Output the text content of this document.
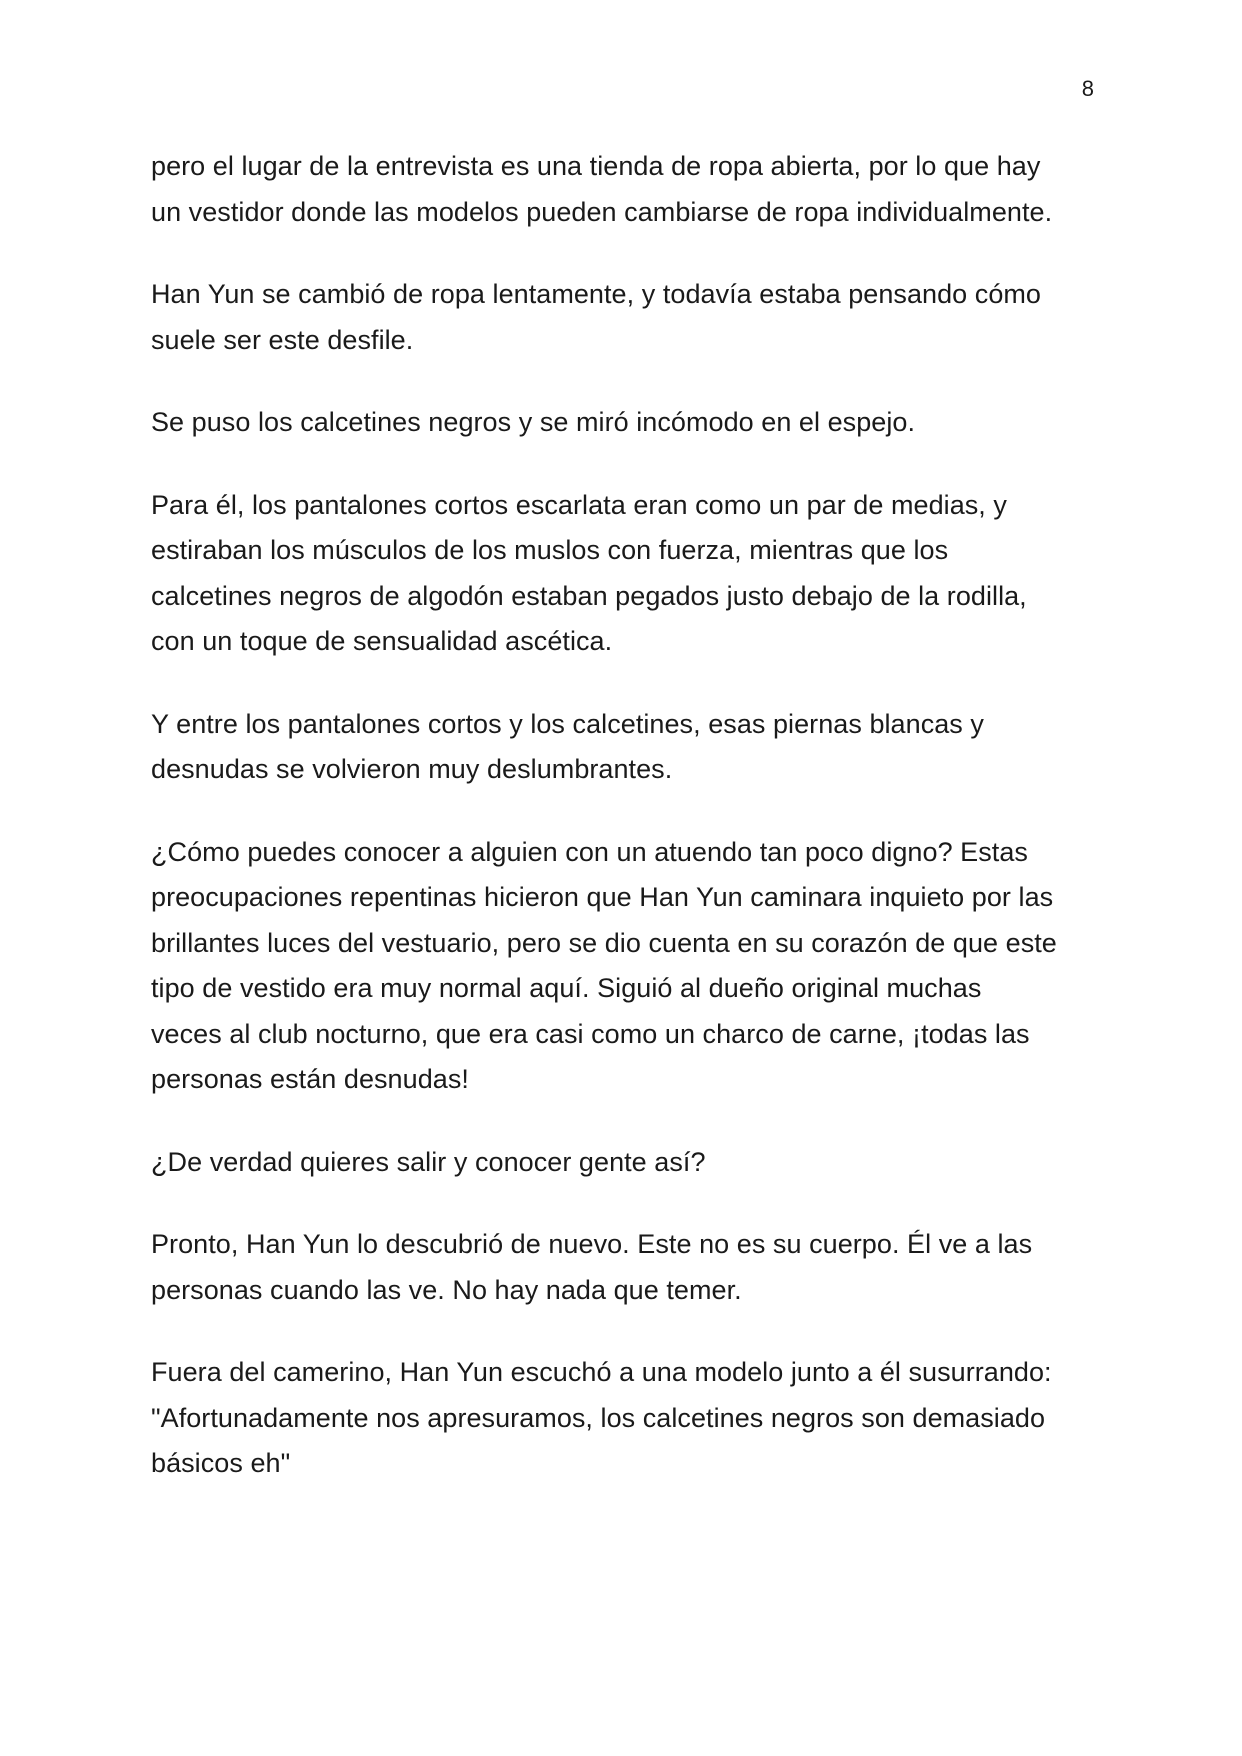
8

pero el lugar de la entrevista es una tienda de ropa abierta, por lo que hay
un vestidor donde las modelos pueden cambiarse de ropa individualmente.

Han Yun se cambió de ropa lentamente, y todavía estaba pensando cómo
suele ser este desfile.

Se puso los calcetines negros y se miró incómodo en el espejo.

Para él, los pantalones cortos escarlata eran como un par de medias, y
estiraban los músculos de los muslos con fuerza, mientras que los
calcetines negros de algodón estaban pegados justo debajo de la rodilla,
con un toque de sensualidad ascética.

Y entre los pantalones cortos y los calcetines, esas piernas blancas y
desnudas se volvieron muy deslumbrantes.

¿Cómo puedes conocer a alguien con un atuendo tan poco digno? Estas
preocupaciones repentinas hicieron que Han Yun caminara inquieto por las
brillantes luces del vestuario, pero se dio cuenta en su corazón de que este
tipo de vestido era muy normal aquí. Siguió al dueño original muchas
veces al club nocturno, que era casi como un charco de carne, ¡todas las
personas están desnudas!

¿De verdad quieres salir y conocer gente así?

Pronto, Han Yun lo descubrió de nuevo. Este no es su cuerpo. Él ve a las
personas cuando las ve. No hay nada que temer.

Fuera del camerino, Han Yun escuchó a una modelo junto a él susurrando:
"Afortunadamente nos apresuramos, los calcetines negros son demasiado
básicos eh"
